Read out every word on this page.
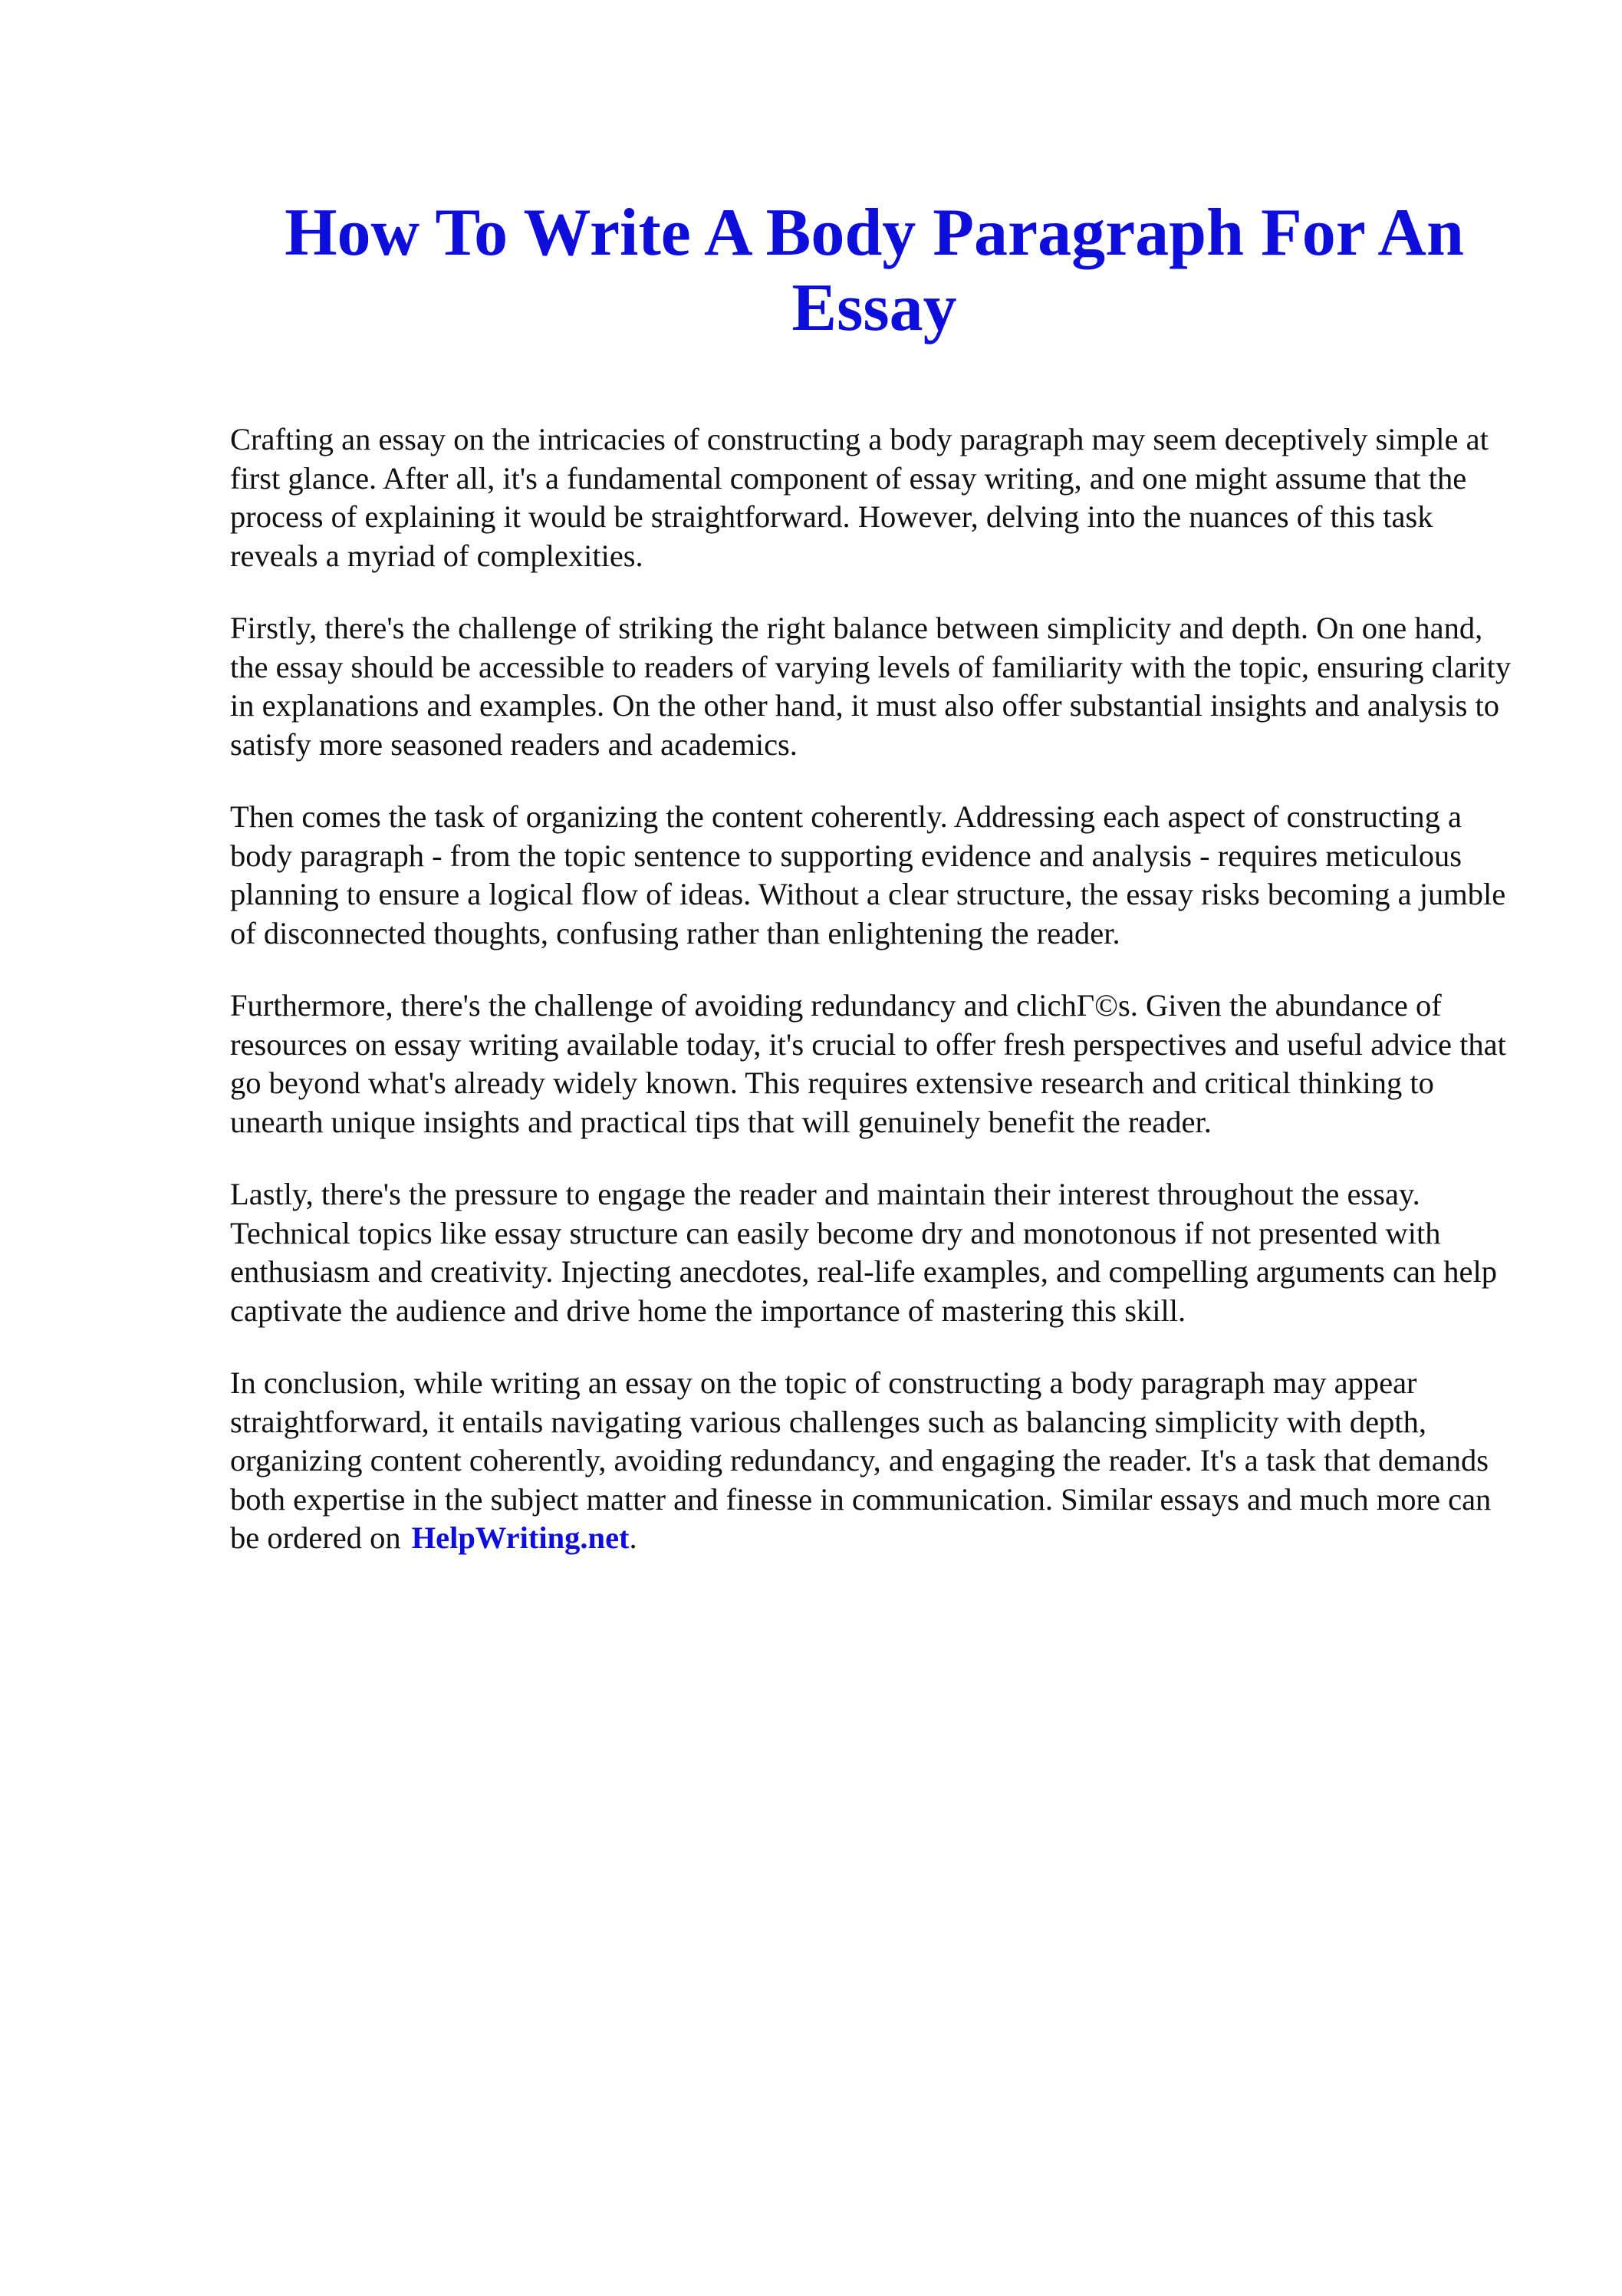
How To Write A Body Paragraph For An Essay

Crafting an essay on the intricacies of constructing a body paragraph may seem deceptively simple at first glance. After all, it's a fundamental component of essay writing, and one might assume that the process of explaining it would be straightforward. However, delving into the nuances of this task reveals a myriad of complexities.

Firstly, there's the challenge of striking the right balance between simplicity and depth. On one hand, the essay should be accessible to readers of varying levels of familiarity with the topic, ensuring clarity in explanations and examples. On the other hand, it must also offer substantial insights and analysis to satisfy more seasoned readers and academics.

Then comes the task of organizing the content coherently. Addressing each aspect of constructing a body paragraph - from the topic sentence to supporting evidence and analysis - requires meticulous planning to ensure a logical flow of ideas. Without a clear structure, the essay risks becoming a jumble of disconnected thoughts, confusing rather than enlightening the reader.

Furthermore, there's the challenge of avoiding redundancy and clichΓ©s. Given the abundance of resources on essay writing available today, it's crucial to offer fresh perspectives and useful advice that go beyond what's already widely known. This requires extensive research and critical thinking to unearth unique insights and practical tips that will genuinely benefit the reader.

Lastly, there's the pressure to engage the reader and maintain their interest throughout the essay. Technical topics like essay structure can easily become dry and monotonous if not presented with enthusiasm and creativity. Injecting anecdotes, real-life examples, and compelling arguments can help captivate the audience and drive home the importance of mastering this skill.

In conclusion, while writing an essay on the topic of constructing a body paragraph may appear straightforward, it entails navigating various challenges such as balancing simplicity with depth, organizing content coherently, avoiding redundancy, and engaging the reader. It's a task that demands both expertise in the subject matter and finesse in communication. Similar essays and much more can be ordered on HelpWriting.net.
